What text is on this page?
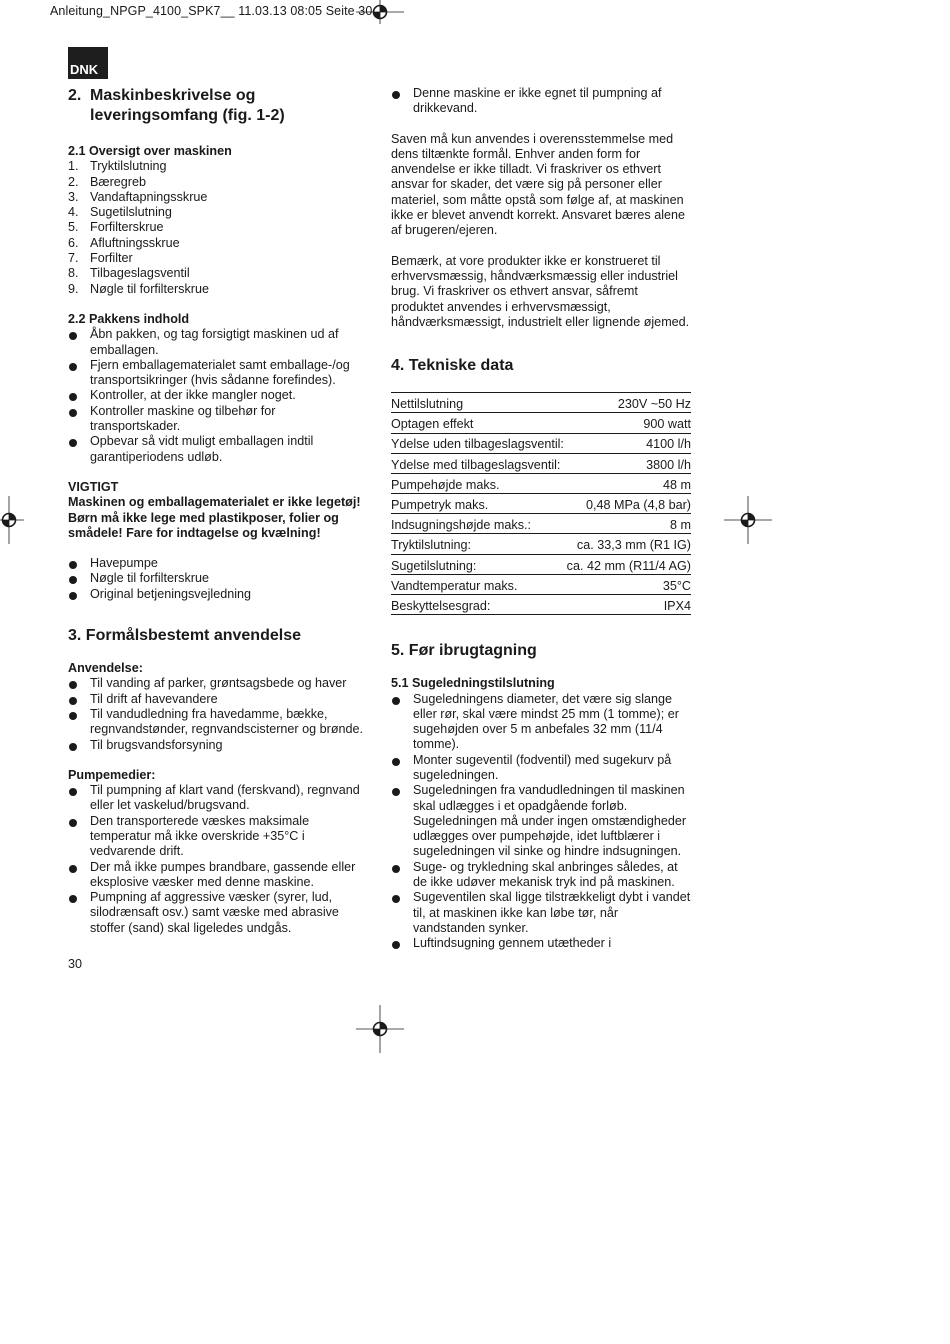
Anleitung_NPGP_4100_SPK7__ 11.03.13 08:05 Seite 30
DNK
2. Maskinbeskrivelse og leveringsomfang (fig. 1-2)

2.1 Oversigt over maskinen

1. Tryktilslutning
2. Bæregreb
3. Vandaftapningsskrue
4. Sugetilslutning
5. Forfilterskrue
6. Afluftningsskrue
7. Forfilter
8. Tilbageslagsventil
9. Nøgle til forfilterskrue

2.2 Pakkens indhold

Åbn pakken, og tag forsigtigt maskinen ud af emballagen.
Fjern emballagematerialet samt emballage-/og transportsikringer (hvis sådanne forefindes).
Kontroller, at der ikke mangler noget.
Kontroller maskine og tilbehør for transportskader.
Opbevar så vidt muligt emballagen indtil garantiperiodens udløb.

VIGTIGT

Maskinen og emballagematerialet er ikke legetøj! Børn må ikke lege med plastikposer, folier og smådele! Fare for indtagelse og kvælning!

Havepumpe
Nøgle til forfilterskrue
Original betjeningsvejledning
3. Formålsbestemt anvendelse

Anvendelse:

Til vanding af parker, grøntsagsbede og haver
Til drift af havevandere
Til vandudledning fra havedamme, bække, regnvandstønder, regnvandscisterner og brønde.
Til brugsvandsforsyning

Pumpemedier:

Til pumpning af klart vand (ferskvand), regnvand eller let vaskelud/brugsvand.
Den transporterede væskes maksimale temperatur må ikke overskride +35°C i vedvarende drift.
Der må ikke pumpes brandbare, gassende eller eksplosive væsker med denne maskine.
Pumpning af aggressive væsker (syrer, lud, silodrænsaft osv.) samt væske med abrasive stoffer (sand) skal ligeledes undgås.
Denne maskine er ikke egnet til pumpning af drikkevand.

Saven må kun anvendes i overensstemmelse med dens tiltænkte formål. Enhver anden form for anvendelse er ikke tilladt. Vi fraskriver os ethvert ansvar for skader, det være sig på personer eller materiel, som måtte opstå som følge af, at maskinen ikke er blevet anvendt korrekt. Ansvaret bæres alene af brugeren/ejeren.

Bemærk, at vore produkter ikke er konstrueret til erhvervsmæssig, håndværksmæssig eller industriel brug. Vi fraskriver os ethvert ansvar, såfremt produktet anvendes i erhvervsmæssigt, håndværksmæssigt, industrielt eller lignende øjemed.

4. Tekniske data
Nettilslutning	230V ~50 Hz
Optagen effekt	900 watt
Ydelse uden tilbageslagsventil:	4100 l/h
Ydelse med tilbageslagsventil:	3800 l/h
Pumpehøjde maks.	48 m
Pumpetryk maks.	0,48 MPa (4,8 bar)
Indsugningshøjde maks.:	8 m
Tryktilslutning:	ca. 33,3 mm (R1 IG)
Sugetilslutning:	ca. 42 mm (R11/4 AG)
Vandtemperatur maks.	35°C
Beskyttelsesgrad:	IPX4
5. Før ibrugtagning

5.1 Sugeledningstilslutning

Sugeledningens diameter, det være sig slange eller rør, skal være mindst 25 mm (1 tomme); er sugehøjden over 5 m anbefales 32 mm (11/4 tomme).
Monter sugeventil (fodventil) med sugekurv på sugeledningen.
Sugeledningen fra vandudledningen til maskinen skal udlægges i et opadgående forløb. Sugeledningen må under ingen omstændigheder udlægges over pumpehøjde, idet luftblærer i sugeledningen vil sinke og hindre indsugningen.
Suge- og trykledning skal anbringes således, at de ikke udøver mekanisk tryk ind på maskinen.
Sugeventilen skal ligge tilstrækkeligt dybt i vandet til, at maskinen ikke kan løbe tør, når vandstanden synker.
Luftindsugning gennem utætheder i
30
